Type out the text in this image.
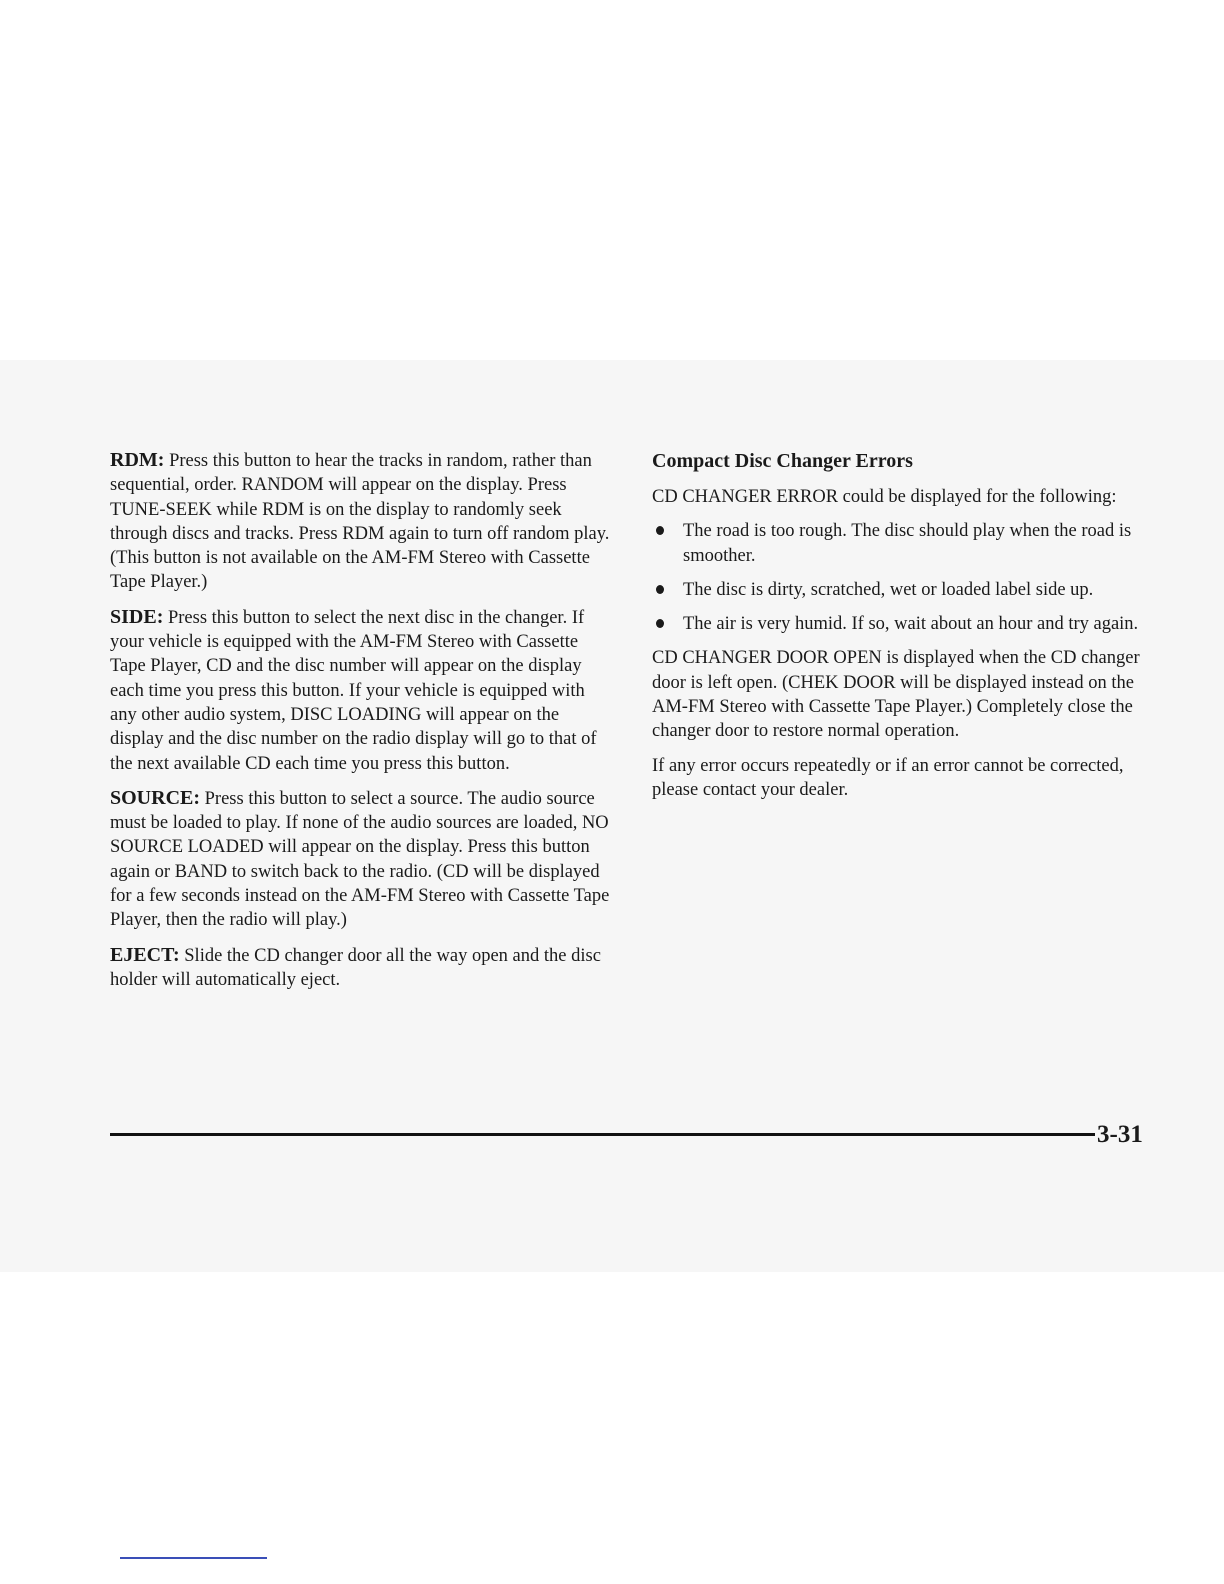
RDM: Press this button to hear the tracks in random, rather than sequential, order. RANDOM will appear on the display. Press TUNE-SEEK while RDM is on the display to randomly seek through discs and tracks. Press RDM again to turn off random play. (This button is not available on the AM-FM Stereo with Cassette Tape Player.)

SIDE: Press this button to select the next disc in the changer. If your vehicle is equipped with the AM-FM Stereo with Cassette Tape Player, CD and the disc number will appear on the display each time you press this button. If your vehicle is equipped with any other audio system, DISC LOADING will appear on the display and the disc number on the radio display will go to that of the next available CD each time you press this button.

SOURCE: Press this button to select a source. The audio source must be loaded to play. If none of the audio sources are loaded, NO SOURCE LOADED will appear on the display. Press this button again or BAND to switch back to the radio. (CD will be displayed for a few seconds instead on the AM-FM Stereo with Cassette Tape Player, then the radio will play.)

EJECT: Slide the CD changer door all the way open and the disc holder will automatically eject.

Compact Disc Changer Errors

CD CHANGER ERROR could be displayed for the following:

The road is too rough. The disc should play when the road is smoother.
The disc is dirty, scratched, wet or loaded label side up.
The air is very humid. If so, wait about an hour and try again.

CD CHANGER DOOR OPEN is displayed when the CD changer door is left open. (CHEK DOOR will be displayed instead on the AM-FM Stereo with Cassette Tape Player.) Completely close the changer door to restore normal operation.

If any error occurs repeatedly or if an error cannot be corrected, please contact your dealer.

3-31
